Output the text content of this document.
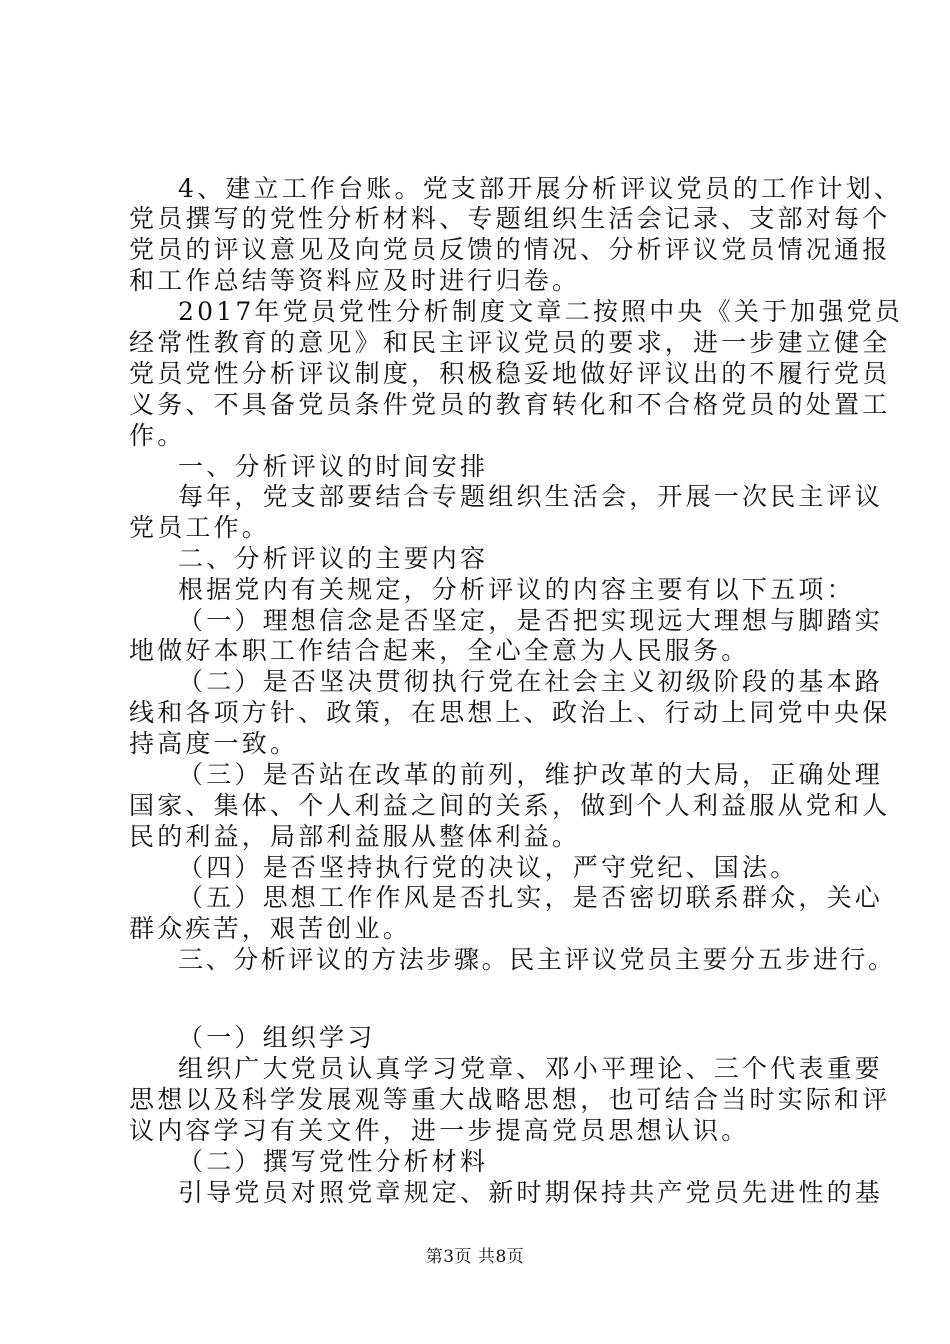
4、建立工作台账。党支部开展分析评议党员的工作计划、
党员撰写的党性分析材料、专题组织生活会记录、支部对每个
党员的评议意见及向党员反馈的情况、分析评议党员情况通报
和工作总结等资料应及时进行归卷。
2017年党员党性分析制度文章二按照中央《关于加强党员
经常性教育的意见》和民主评议党员的要求，进一步建立健全
党员党性分析评议制度，积极稳妥地做好评议出的不履行党员
义务、不具备党员条件党员的教育转化和不合格党员的处置工
作。
一、分析评议的时间安排
每年，党支部要结合专题组织生活会，开展一次民主评议
党员工作。
二、分析评议的主要内容
根据党内有关规定，分析评议的内容主要有以下五项：
（一）理想信念是否坚定，是否把实现远大理想与脚踏实
地做好本职工作结合起来，全心全意为人民服务。
（二）是否坚决贯彻执行党在社会主义初级阶段的基本路
线和各项方针、政策，在思想上、政治上、行动上同党中央保
持高度一致。
（三）是否站在改革的前列，维护改革的大局，正确处理
国家、集体、个人利益之间的关系，做到个人利益服从党和人
民的利益，局部利益服从整体利益。
（四）是否坚持执行党的决议，严守党纪、国法。
（五）思想工作作风是否扎实，是否密切联系群众，关心
群众疾苦，艰苦创业。
三、分析评议的方法步骤。民主评议党员主要分五步进行。
（一）组织学习
组织广大党员认真学习党章、邓小平理论、三个代表重要
思想以及科学发展观等重大战略思想，也可结合当时实际和评
议内容学习有关文件，进一步提高党员思想认识。
（二）撰写党性分析材料
引导党员对照党章规定、新时期保持共产党员先进性的基
第3页 共8页
